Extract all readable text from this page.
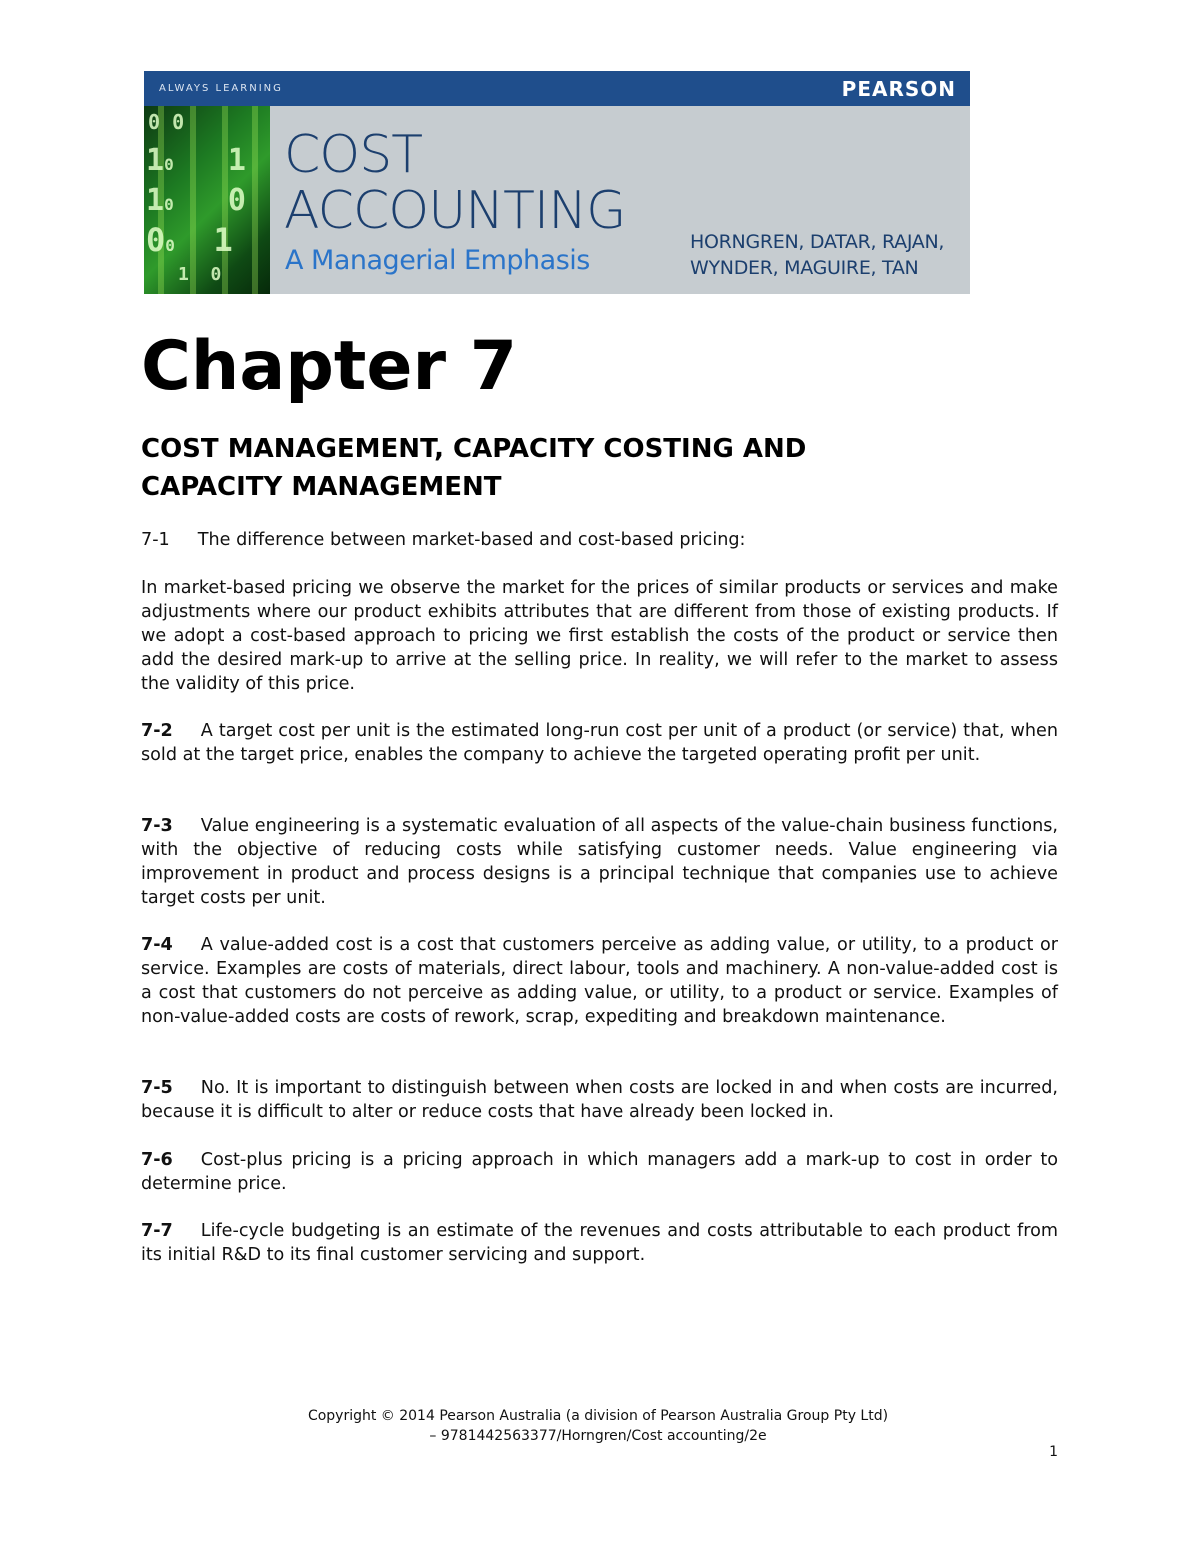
ALWAYS LEARNING	PEARSON
0 0
10   1
10   0
00  1
1  0
COST
ACCOUNTING
A Managerial Emphasis
HORNGREN, DATAR, RAJAN,
WYNDER, MAGUIRE, TAN
Chapter 7
COST MANAGEMENT, CAPACITY COSTING AND
CAPACITY MANAGEMENT
7-1 The difference between market-based and cost-based pricing:
In market-based pricing we observe the market for the prices of similar products or services and make adjustments where our product exhibits attributes that are different from those of existing products. If we adopt a cost-based approach to pricing we first establish the costs of the product or service then add the desired mark-up to arrive at the selling price. In reality, we will refer to the market to assess the validity of this price.
7-2 A target cost per unit is the estimated long-run cost per unit of a product (or service) that, when sold at the target price, enables the company to achieve the targeted operating profit per unit.
7-3 Value engineering is a systematic evaluation of all aspects of the value-chain business functions, with the objective of reducing costs while satisfying customer needs. Value engineering via improvement in product and process designs is a principal technique that companies use to achieve target costs per unit.
7-4 A value-added cost is a cost that customers perceive as adding value, or utility, to a product or service. Examples are costs of materials, direct labour, tools and machinery. A non-value-added cost is a cost that customers do not perceive as adding value, or utility, to a product or service. Examples of non-value-added costs are costs of rework, scrap, expediting and breakdown maintenance.
7-5 No. It is important to distinguish between when costs are locked in and when costs are incurred, because it is difficult to alter or reduce costs that have already been locked in.
7-6 Cost-plus pricing is a pricing approach in which managers add a mark-up to cost in order to determine price.
7-7 Life-cycle budgeting is an estimate of the revenues and costs attributable to each product from its initial R&D to its final customer servicing and support.
Copyright © 2014 Pearson Australia (a division of Pearson Australia Group Pty Ltd)
– 9781442563377/Horngren/Cost accounting/2e
1
